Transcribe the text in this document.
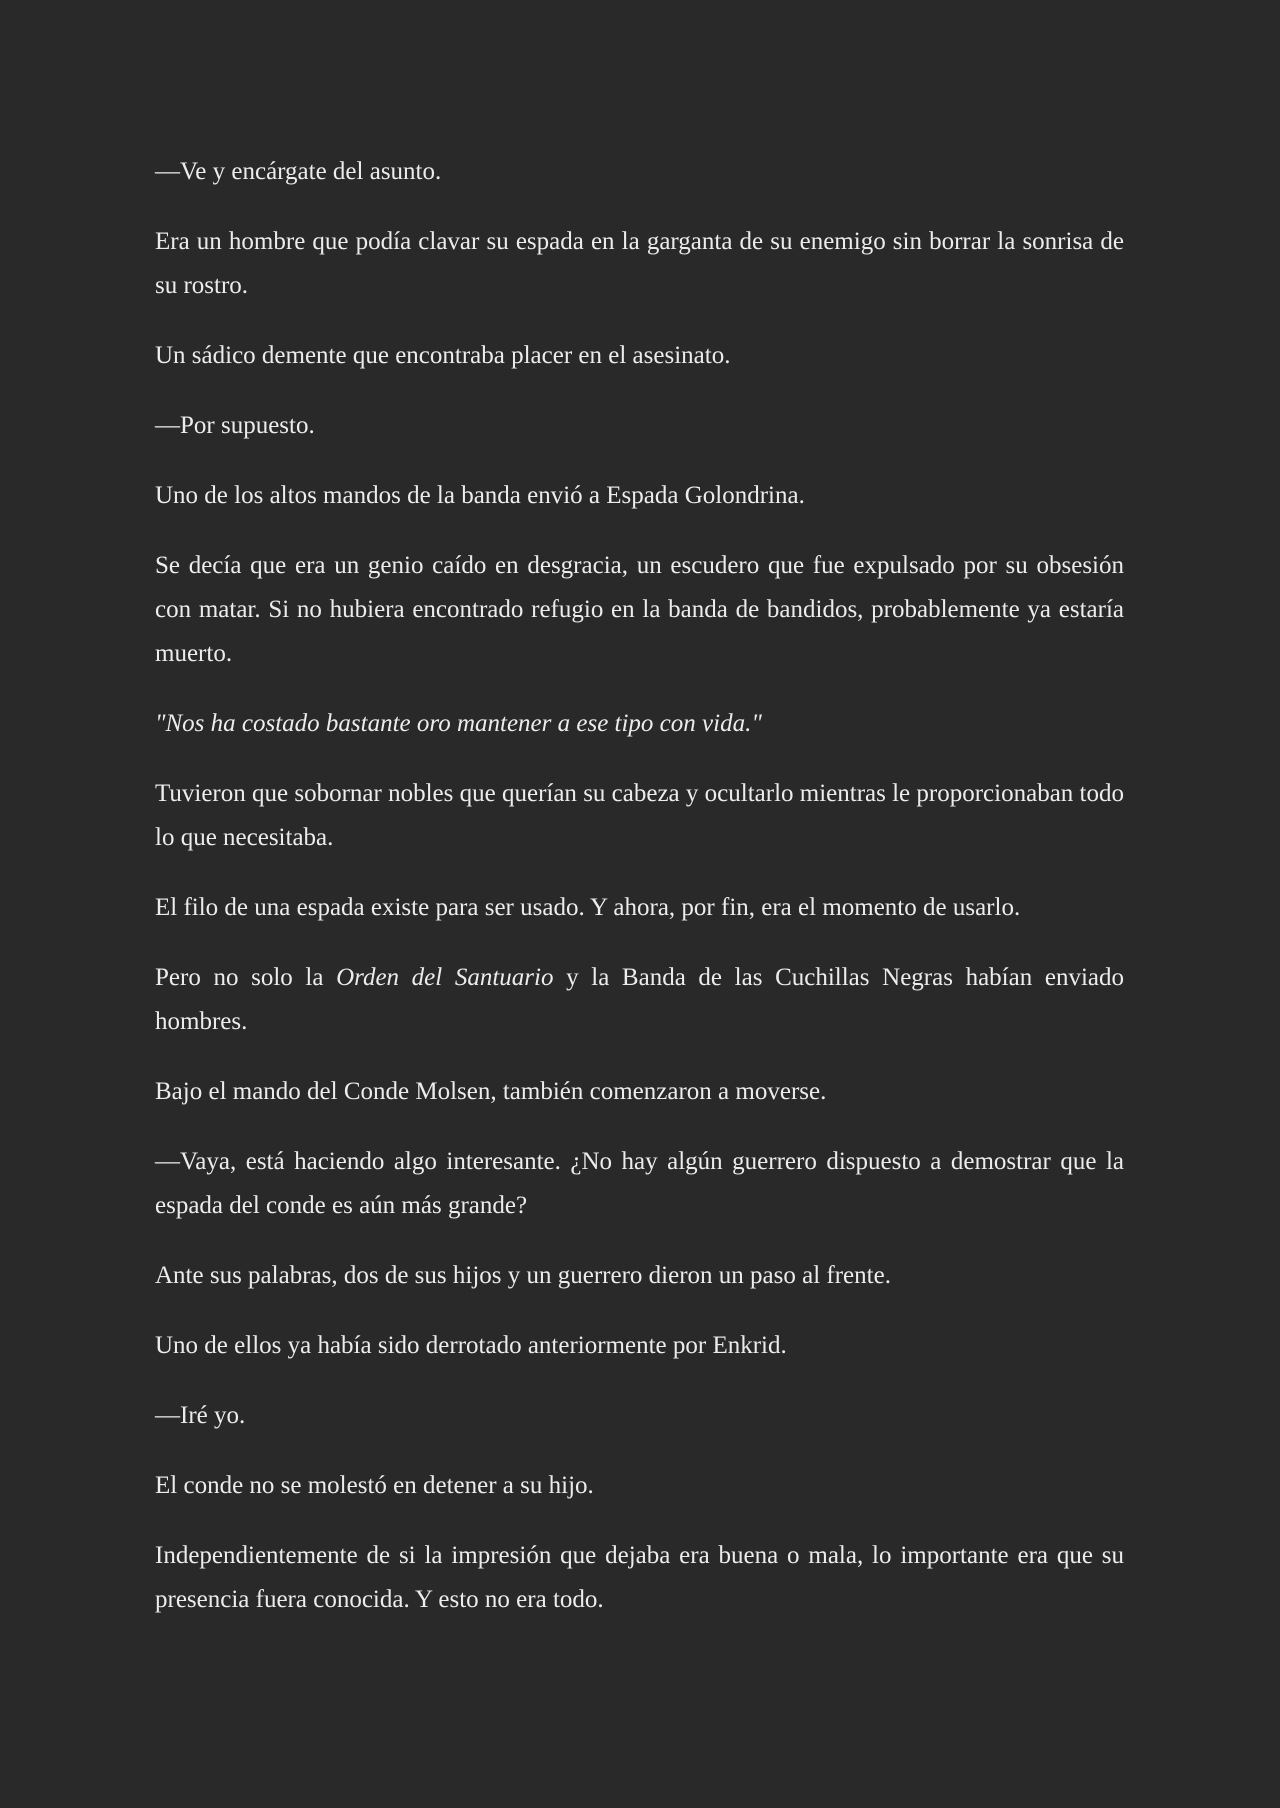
—Ve y encárgate del asunto.

Era un hombre que podía clavar su espada en la garganta de su enemigo sin borrar la sonrisa de su rostro.

Un sádico demente que encontraba placer en el asesinato.

—Por supuesto.

Uno de los altos mandos de la banda envió a Espada Golondrina.

Se decía que era un genio caído en desgracia, un escudero que fue expulsado por su obsesión con matar. Si no hubiera encontrado refugio en la banda de bandidos, probablemente ya estaría muerto.

"Nos ha costado bastante oro mantener a ese tipo con vida."

Tuvieron que sobornar nobles que querían su cabeza y ocultarlo mientras le proporcionaban todo lo que necesitaba.

El filo de una espada existe para ser usado. Y ahora, por fin, era el momento de usarlo.

Pero no solo la Orden del Santuario y la Banda de las Cuchillas Negras habían enviado hombres.

Bajo el mando del Conde Molsen, también comenzaron a moverse.

—Vaya, está haciendo algo interesante. ¿No hay algún guerrero dispuesto a demostrar que la espada del conde es aún más grande?

Ante sus palabras, dos de sus hijos y un guerrero dieron un paso al frente.

Uno de ellos ya había sido derrotado anteriormente por Enkrid.

—Iré yo.

El conde no se molestó en detener a su hijo.

Independientemente de si la impresión que dejaba era buena o mala, lo importante era que su presencia fuera conocida. Y esto no era todo.
